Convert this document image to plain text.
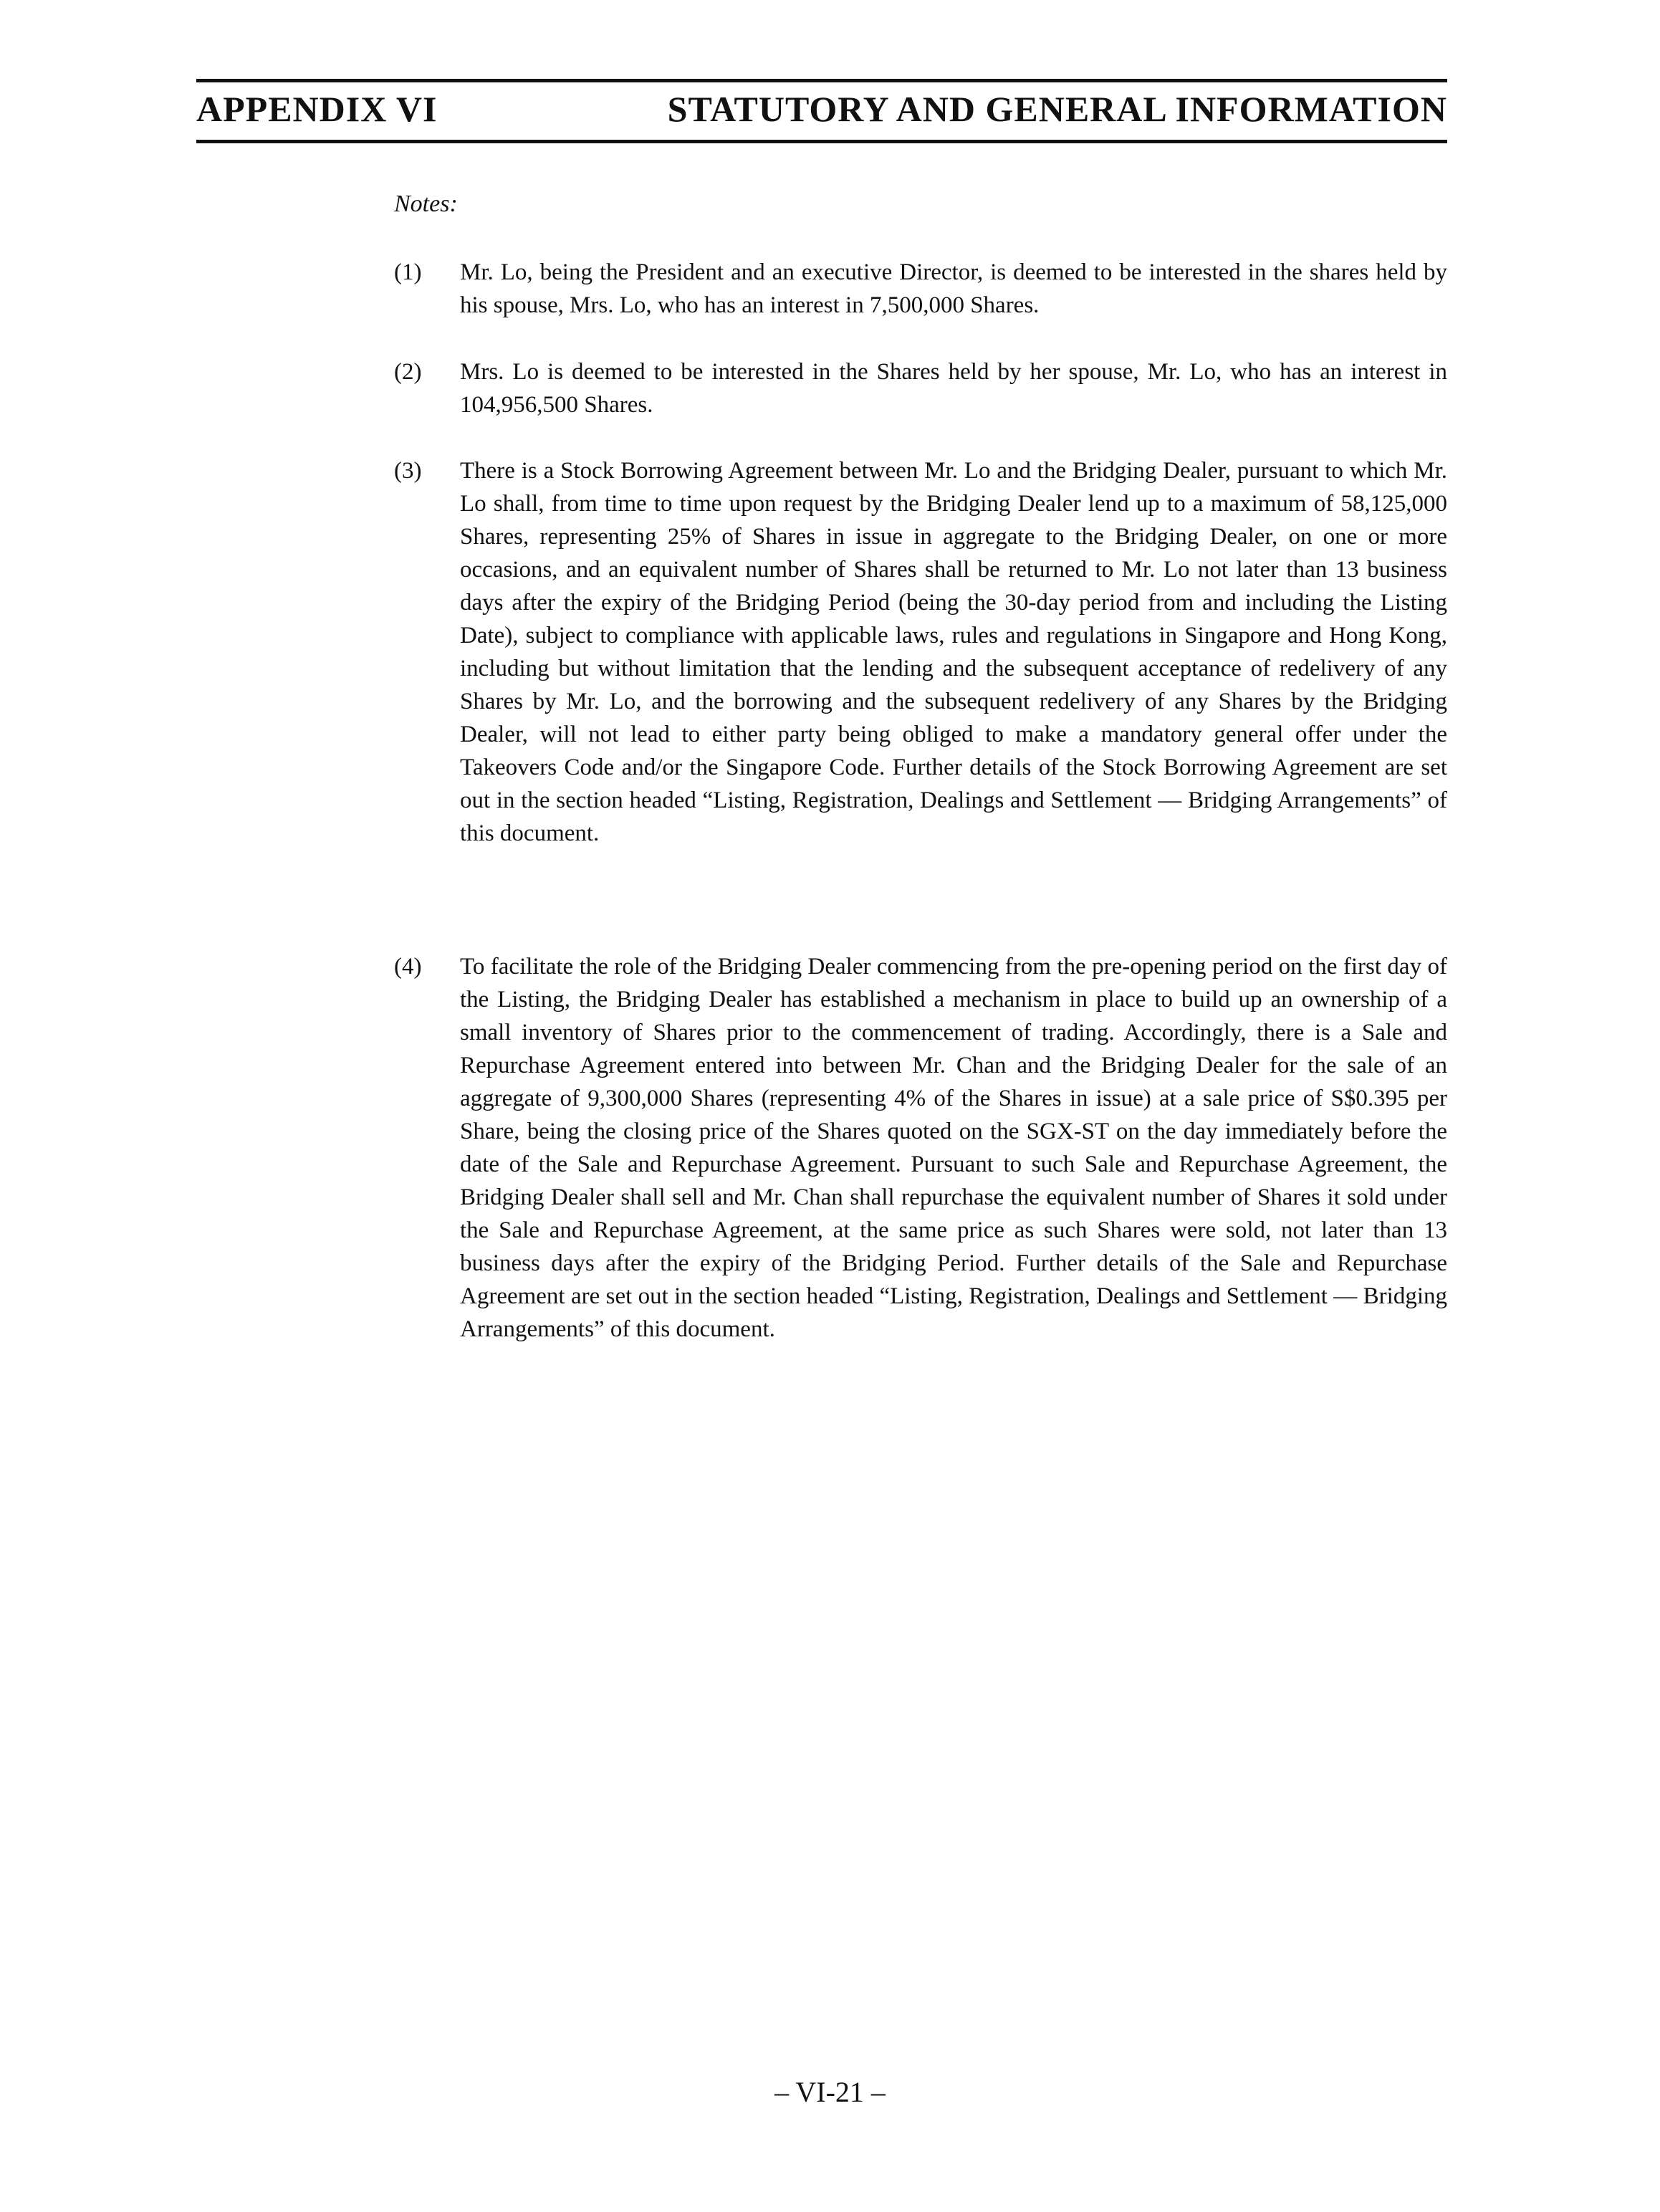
APPENDIX VI	STATUTORY AND GENERAL INFORMATION
Notes:
(1)	Mr. Lo, being the President and an executive Director, is deemed to be interested in the shares held by his spouse, Mrs. Lo, who has an interest in 7,500,000 Shares.
(2)	Mrs. Lo is deemed to be interested in the Shares held by her spouse, Mr. Lo, who has an interest in 104,956,500 Shares.
(3)	There is a Stock Borrowing Agreement between Mr. Lo and the Bridging Dealer, pursuant to which Mr. Lo shall, from time to time upon request by the Bridging Dealer lend up to a maximum of 58,125,000 Shares, representing 25% of Shares in issue in aggregate to the Bridging Dealer, on one or more occasions, and an equivalent number of Shares shall be returned to Mr. Lo not later than 13 business days after the expiry of the Bridging Period (being the 30-day period from and including the Listing Date), subject to compliance with applicable laws, rules and regulations in Singapore and Hong Kong, including but without limitation that the lending and the subsequent acceptance of redelivery of any Shares by Mr. Lo, and the borrowing and the subsequent redelivery of any Shares by the Bridging Dealer, will not lead to either party being obliged to make a mandatory general offer under the Takeovers Code and/or the Singapore Code. Further details of the Stock Borrowing Agreement are set out in the section headed “Listing, Registration, Dealings and Settlement — Bridging Arrangements” of this document.
(4)	To facilitate the role of the Bridging Dealer commencing from the pre-opening period on the first day of the Listing, the Bridging Dealer has established a mechanism in place to build up an ownership of a small inventory of Shares prior to the commencement of trading. Accordingly, there is a Sale and Repurchase Agreement entered into between Mr. Chan and the Bridging Dealer for the sale of an aggregate of 9,300,000 Shares (representing 4% of the Shares in issue) at a sale price of S$0.395 per Share, being the closing price of the Shares quoted on the SGX-ST on the day immediately before the date of the Sale and Repurchase Agreement. Pursuant to such Sale and Repurchase Agreement, the Bridging Dealer shall sell and Mr. Chan shall repurchase the equivalent number of Shares it sold under the Sale and Repurchase Agreement, at the same price as such Shares were sold, not later than 13 business days after the expiry of the Bridging Period. Further details of the Sale and Repurchase Agreement are set out in the section headed “Listing, Registration, Dealings and Settlement — Bridging Arrangements” of this document.
– VI-21 –
